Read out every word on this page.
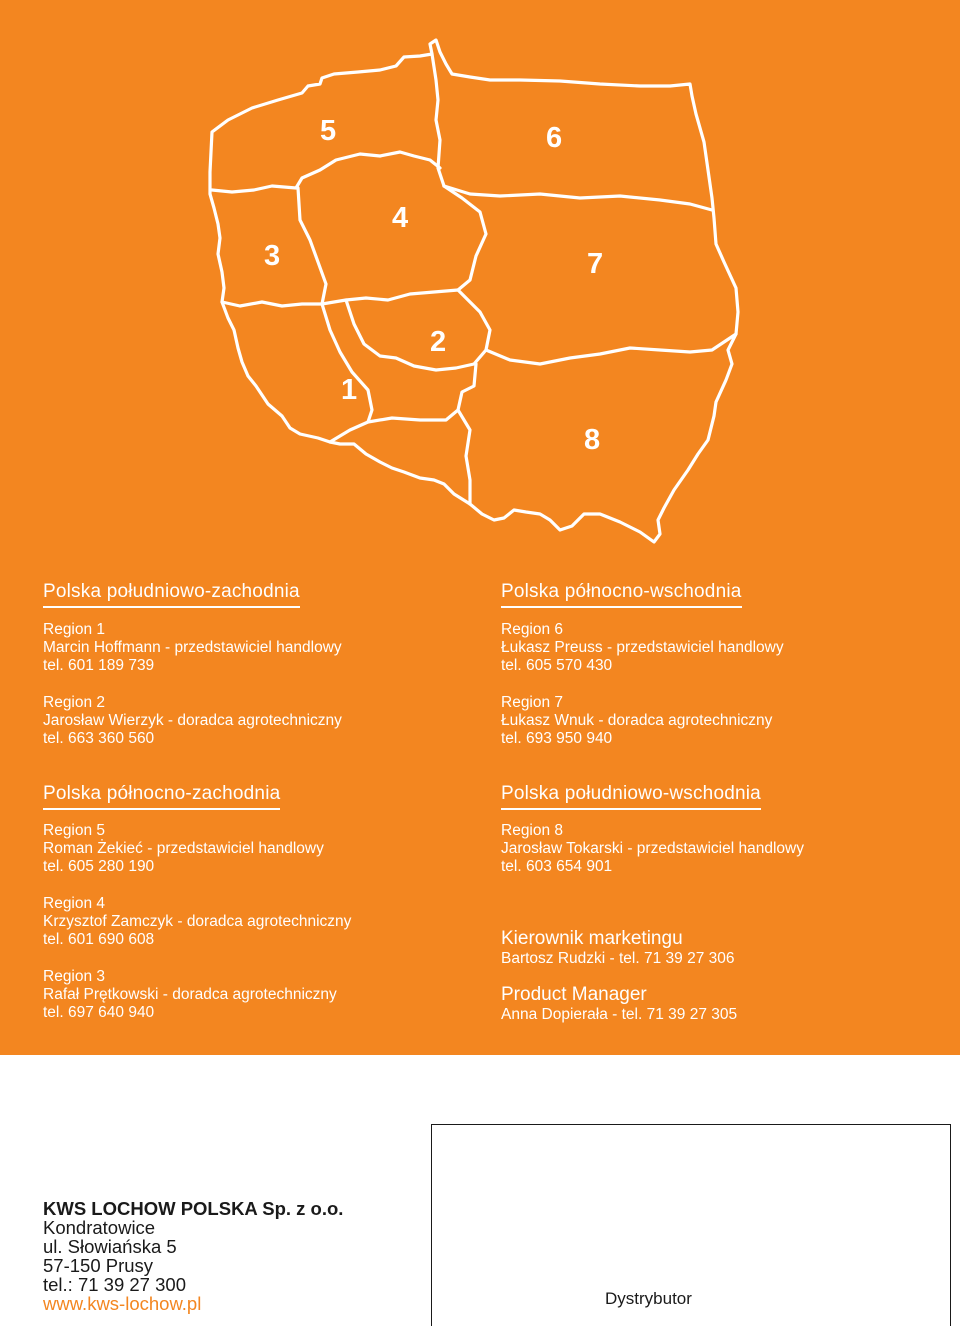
5	6
4
3	7
2
1
8
Polska południowo-zachodnia
Region 1
Marcin Hoffmann - przedstawiciel handlowy
tel. 601 189 739
Region 2
Jarosław Wierzyk - doradca agrotechniczny
tel. 663 360 560
Polska północno-zachodnia
Region 5
Roman Żekieć - przedstawiciel handlowy
tel. 605 280 190
Region 4
Krzysztof Zamczyk - doradca agrotechniczny
tel. 601 690 608
Region 3
Rafał Prętkowski - doradca agrotechniczny
tel. 697 640 940
Polska północno-wschodnia
Region 6
Łukasz Preuss - przedstawiciel handlowy
tel. 605 570 430
Region 7
Łukasz Wnuk - doradca agrotechniczny
tel. 693 950 940
Polska południowo-wschodnia
Region 8
Jarosław Tokarski - przedstawiciel handlowy
tel. 603 654 901
Kierownik marketingu
Bartosz Rudzki - tel. 71 39 27 306
Product Manager
Anna Dopierała - tel. 71 39 27 305
KWS LOCHOW POLSKA Sp. z o.o.
Kondratowice
ul. Słowiańska 5
57-150 Prusy
tel.: 71 39 27 300
www.kws-lochow.pl	Dystrybutor
